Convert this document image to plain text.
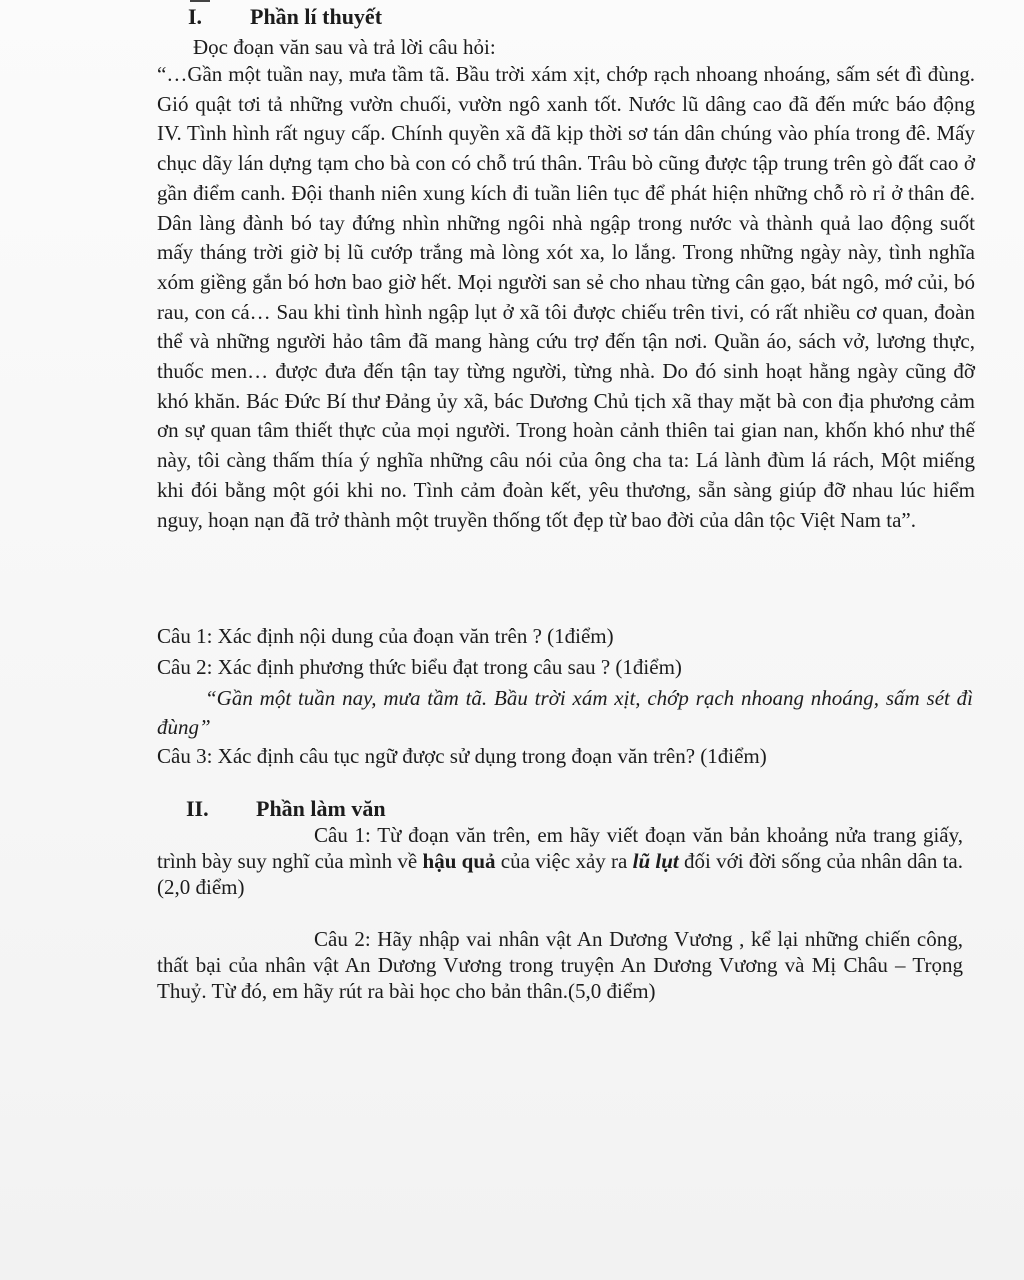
I. Phần lí thuyết
Đọc đoạn văn sau và trả lời câu hỏi:
“…Gần một tuần nay, mưa tầm tã. Bầu trời xám xịt, chớp rạch nhoang nhoáng, sấm sét đì đùng. Gió quật tơi tả những vườn chuối, vườn ngô xanh tốt. Nước lũ dâng cao đã đến mức báo động IV. Tình hình rất nguy cấp. Chính quyền xã đã kịp thời sơ tán dân chúng vào phía trong đê. Mấy chục dãy lán dựng tạm cho bà con có chỗ trú thân. Trâu bò cũng được tập trung trên gò đất cao ở gần điểm canh. Đội thanh niên xung kích đi tuần liên tục để phát hiện những chỗ rò rỉ ở thân đê. Dân làng đành bó tay đứng nhìn những ngôi nhà ngập trong nước và thành quả lao động suốt mấy tháng trời giờ bị lũ cướp trắng mà lòng xót xa, lo lắng. Trong những ngày này, tình nghĩa xóm giềng gắn bó hơn bao giờ hết. Mọi người san sẻ cho nhau từng cân gạo, bát ngô, mớ củi, bó rau, con cá… Sau khi tình hình ngập lụt ở xã tôi được chiếu trên tivi, có rất nhiều cơ quan, đoàn thể và những người hảo tâm đã mang hàng cứu trợ đến tận nơi. Quần áo, sách vở, lương thực, thuốc men… được đưa đến tận tay từng người, từng nhà. Do đó sinh hoạt hằng ngày cũng đỡ khó khăn. Bác Đức Bí thư Đảng ủy xã, bác Dương Chủ tịch xã thay mặt bà con địa phương cảm ơn sự quan tâm thiết thực của mọi người. Trong hoàn cảnh thiên tai gian nan, khốn khó như thế này, tôi càng thấm thía ý nghĩa những câu nói của ông cha ta: Lá lành đùm lá rách, Một miếng khi đói bằng một gói khi no. Tình cảm đoàn kết, yêu thương, sẵn sàng giúp đỡ nhau lúc hiểm nguy, hoạn nạn đã trở thành một truyền thống tốt đẹp từ bao đời của dân tộc Việt Nam ta”.
Câu 1: Xác định nội dung của đoạn văn trên ? (1điểm)
Câu 2: Xác định phương thức biểu đạt trong câu sau ? (1điểm)
“Gần một tuần nay, mưa tầm tã. Bầu trời xám xịt, chớp rạch nhoang nhoáng, sấm sét đì đùng”
Câu 3: Xác định câu tục ngữ được sử dụng trong đoạn văn trên? (1điểm)
II. Phần làm văn
Câu 1: Từ đoạn văn trên, em hãy viết đoạn văn bản khoảng nửa trang giấy, trình bày suy nghĩ của mình về hậu quả của việc xảy ra lũ lụt đối với đời sống của nhân dân ta. (2,0 điểm)
Câu 2: Hãy nhập vai nhân vật An Dương Vương , kể lại những chiến công, thất bại của nhân vật An Dương Vương trong truyện An Dương Vương và Mị Châu – Trọng Thuỷ. Từ đó, em hãy rút ra bài học cho bản thân.(5,0 điểm)
